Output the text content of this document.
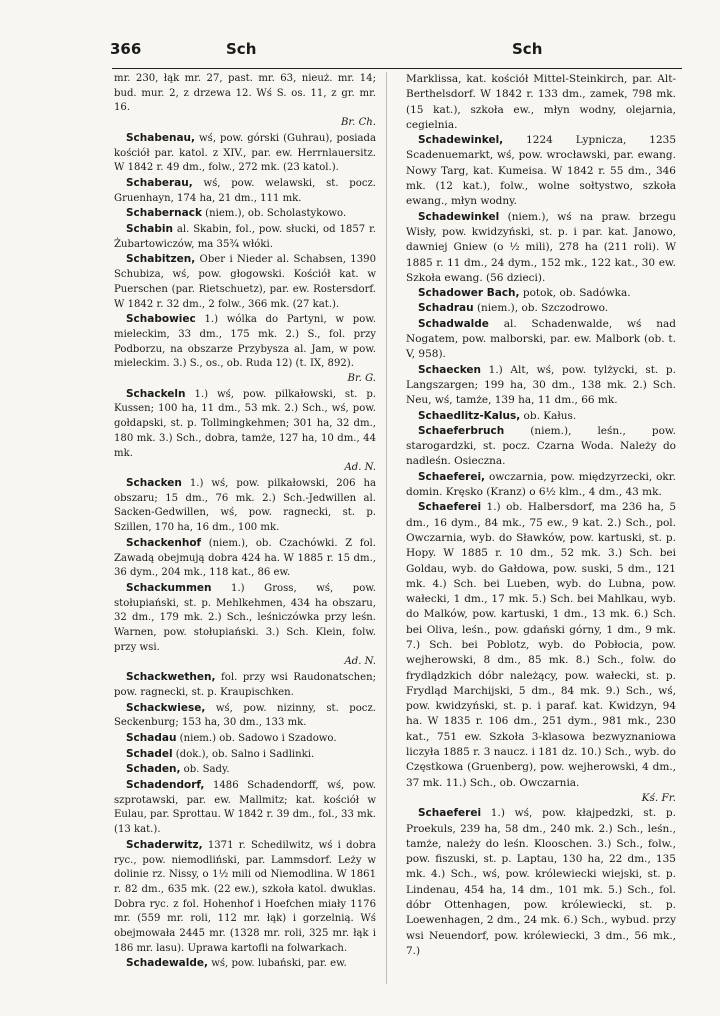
366	Sch	Sch

mr. 230, łąk mr. 27, past. mr. 63, nieuż. mr. 14; bud. mur. 2, z drzewa 12. Wś S. os. 11, z gr. mr. 16.

Br. Ch.

Schabenau, wś, pow. górski (Guhrau), posiada kościół par. katol. z XIV., par. ew. Herrnlauersitz. W 1842 r. 49 dm., folw., 272 mk. (23 katol.).

Schaberau, wś, pow. welawski, st. pocz. Gruenhayn, 174 ha, 21 dm., 111 mk.

Schabernack (niem.), ob. Scholastykowo.

Schabin al. Skabin, fol., pow. słucki, od 1857 r. Żubartowiczów, ma 35¾ włóki.

Schabitzen, Ober i Nieder al. Schabsen, 1390 Schubiza, wś, pow. głogowski. Kościół kat. w Puerschen (par. Rietschuetz), par. ew. Rostersdorf. W 1842 r. 32 dm., 2 folw., 366 mk. (27 kat.).

Schabowiec 1.) wólka do Partyni, w pow. mieleckim, 33 dm., 175 mk. 2.) S., fol. przy Podborzu, na obszarze Przybysza al. Jam, w pow. mieleckim. 3.) S., os., ob. Ruda 12) (t. IX, 892).

Br. G.

Schackeln 1.) wś, pow. pilkałowski, st. p. Kussen; 100 ha, 11 dm., 53 mk. 2.) Sch., wś, pow. gołdapski, st. p. Tollmingkehmen; 301 ha, 32 dm., 180 mk. 3.) Sch., dobra, tamże, 127 ha, 10 dm., 44 mk.

Ad. N.

Schacken 1.) wś, pow. pilkałowski, 206 ha obszaru; 15 dm., 76 mk. 2.) Sch.-Jedwillen al. Sacken-Gedwillen, wś, pow. ragnecki, st. p. Szillen, 170 ha, 16 dm., 100 mk.

Schackenhof (niem.), ob. Czachówki. Z fol. Zawadą obejmują dobra 424 ha. W 1885 r. 15 dm., 36 dym., 204 mk., 118 kat., 86 ew.

Schackummen 1.) Gross, wś, pow. stołupiański, st. p. Mehlkehmen, 434 ha obszaru, 32 dm., 179 mk. 2.) Sch., leśniczówka przy leśn. Warnen, pow. stołupiański. 3.) Sch. Klein, folw. przy wsi.

Ad. N.

Schackwethen, fol. przy wsi Raudonatschen; pow. ragnecki, st. p. Kraupischken.

Schackwiese, wś, pow. nizinny, st. pocz. Seckenburg; 153 ha, 30 dm., 133 mk.

Schadau (niem.) ob. Sadowo i Szadowo.

Schadel (dok.), ob. Salno i Sadlinki.

Schaden, ob. Sady.

Schadendorf, 1486 Schadendorff, wś, pow. szprotawski, par. ew. Mallmitz; kat. kościół w Eulau, par. Sprottau. W 1842 r. 39 dm., fol., 33 mk. (13 kat.).

Schaderwitz, 1371 r. Schedilwitz, wś i dobra ryc., pow. niemodliński, par. Lammsdorf. Leży w dolinie rz. Nissy, o 1½ mili od Niemodlina. W 1861 r. 82 dm., 635 mk. (22 ew.), szkoła katol. dwuklas. Dobra ryc. z fol. Hohenhof i Hoefchen miały 1176 mr. (559 mr. roli, 112 mr. łąk) i gorzelnią. Wś obejmowała 2445 mr. (1328 mr. roli, 325 mr. łąk i 186 mr. lasu). Uprawa kartofli na folwarkach.

Schadewalde, wś, pow. lubański, par. ew.

Marklissa, kat. kościół Mittel-Steinkirch, par. Alt-Berthelsdorf. W 1842 r. 133 dm., zamek, 798 mk. (15 kat.), szkoła ew., młyn wodny, olejarnia, cegielnia.

Schadewinkel, 1224 Lypnicza, 1235 Scadenuemarkt, wś, pow. wrocławski, par. ewang. Nowy Targ, kat. Kumeisa. W 1842 r. 55 dm., 346 mk. (12 kat.), folw., wolne sołtystwo, szkoła ewang., młyn wodny.

Schadewinkel (niem.), wś na praw. brzegu Wisły, pow. kwidzyński, st. p. i par. kat. Janowo, dawniej Gniew (o ½ mili), 278 ha (211 roli). W 1885 r. 11 dm., 24 dym., 152 mk., 122 kat., 30 ew. Szkoła ewang. (56 dzieci).

Schadower Bach, potok, ob. Sadówka.

Schadrau (niem.), ob. Szczodrowo.

Schadwalde al. Schadenwalde, wś nad Nogatem, pow. malborski, par. ew. Malbork (ob. t. V, 958).

Schaecken 1.) Alt, wś, pow. tylżycki, st. p. Langszargen; 199 ha, 30 dm., 138 mk. 2.) Sch. Neu, wś, tamże, 139 ha, 11 dm., 66 mk.

Schaedlitz-Kalus, ob. Kałus.

Schaeferbruch (niem.), leśn., pow. starogardzki, st. pocz. Czarna Woda. Należy do nadleśn. Osieczna.

Schaeferei, owczarnia, pow. międzyrzecki, okr. domin. Kręsko (Kranz) o 6½ klm., 4 dm., 43 mk.

Schaeferei 1.) ob. Halbersdorf, ma 236 ha, 5 dm., 16 dym., 84 mk., 75 ew., 9 kat. 2.) Sch., pol. Owczarnia, wyb. do Sławków, pow. kartuski, st. p. Hopy. W 1885 r. 10 dm., 52 mk. 3.) Sch. bei Goldau, wyb. do Gałdowa, pow. suski, 5 dm., 121 mk. 4.) Sch. bei Lueben, wyb. do Lubna, pow. wałecki, 1 dm., 17 mk. 5.) Sch. bei Mahlkau, wyb. do Malków, pow. kartuski, 1 dm., 13 mk. 6.) Sch. bei Oliva, leśn., pow. gdański górny, 1 dm., 9 mk. 7.) Sch. bei Poblotz, wyb. do Pobłocia, pow. wejherowski, 8 dm., 85 mk. 8.) Sch., folw. do frydlądzkich dóbr należący, pow. wałecki, st. p. Frydląd Marchijski, 5 dm., 84 mk. 9.) Sch., wś, pow. kwidzyński, st. p. i paraf. kat. Kwidzyn, 94 ha. W 1835 r. 106 dm., 251 dym., 981 mk., 230 kat., 751 ew. Szkoła 3-klasowa bezwyznaniowa liczyła 1885 r. 3 naucz. i 181 dz. 10.) Sch., wyb. do Częstkowa (Gruenberg), pow. wejherowski, 4 dm., 37 mk. 11.) Sch., ob. Owczarnia.

Kś. Fr.

Schaeferei 1.) wś, pow. kłajpedzki, st. p. Proekuls, 239 ha, 58 dm., 240 mk. 2.) Sch., leśn., tamże, należy do leśn. Klooschen. 3.) Sch., folw., pow. fiszuski, st. p. Laptau, 130 ha, 22 dm., 135 mk. 4.) Sch., wś, pow. królewiecki wiejski, st. p. Lindenau, 454 ha, 14 dm., 101 mk. 5.) Sch., fol. dóbr Ottenhagen, pow. królewiecki, st. p. Loewenhagen, 2 dm., 24 mk. 6.) Sch., wybud. przy wsi Neuendorf, pow. królewiecki, 3 dm., 56 mk., 7.)
